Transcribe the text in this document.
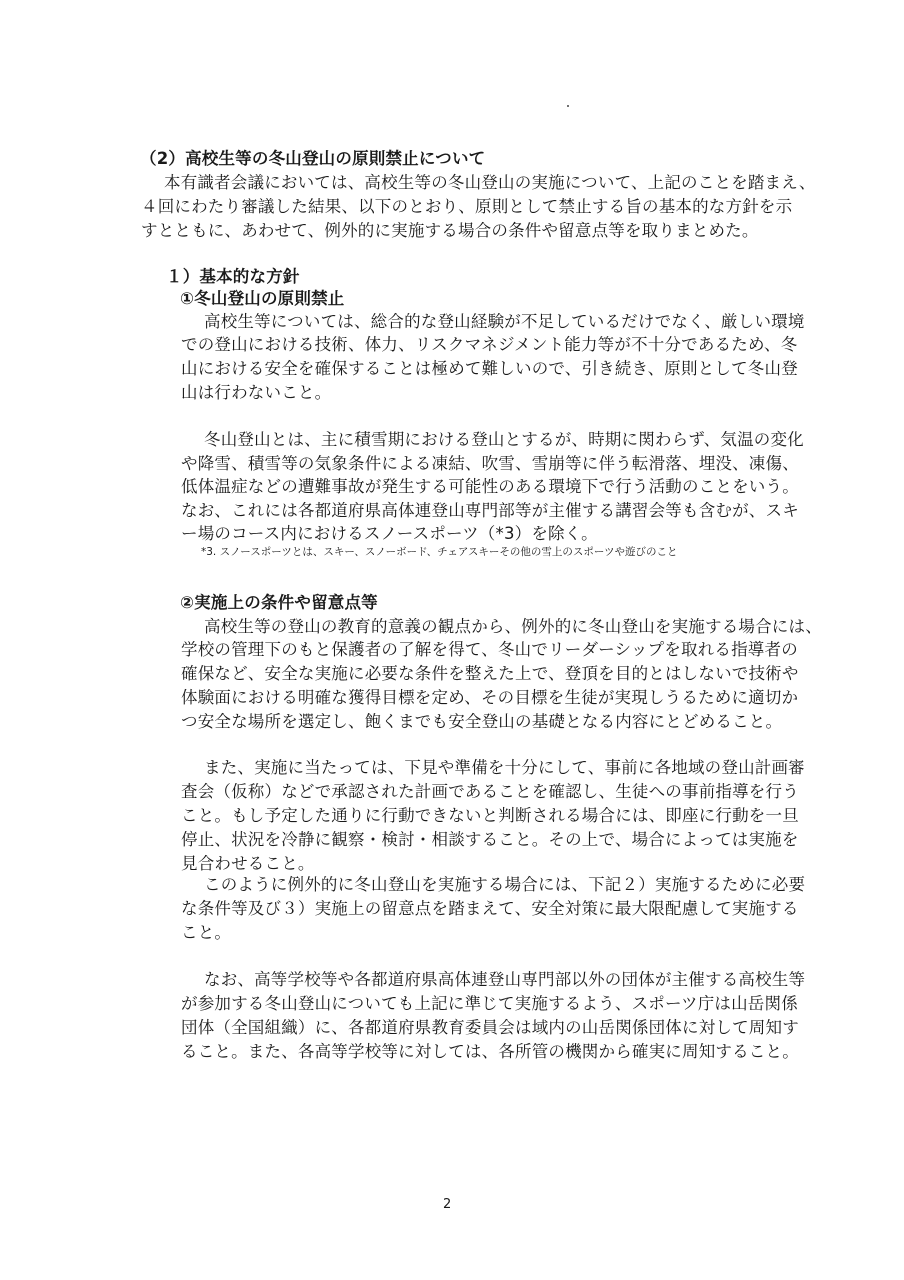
（2）高校生等の冬山登山の原則禁止について
本有識者会議においては、高校生等の冬山登山の実施について、上記のことを踏まえ、
４回にわたり審議した結果、以下のとおり、原則として禁止する旨の基本的な方針を示
すとともに、あわせて、例外的に実施する場合の条件や留意点等を取りまとめた。
１）基本的な方針
①冬山登山の原則禁止
高校生等については、総合的な登山経験が不足しているだけでなく、厳しい環境
での登山における技術、体力、リスクマネジメント能力等が不十分であるため、冬
山における安全を確保することは極めて難しいので、引き続き、原則として冬山登
山は行わないこと。
冬山登山とは、主に積雪期における登山とするが、時期に関わらず、気温の変化
や降雪、積雪等の気象条件による凍結、吹雪、雪崩等に伴う転滑落、埋没、凍傷、
低体温症などの遭難事故が発生する可能性のある環境下で行う活動のことをいう。
なお、これには各都道府県高体連登山専門部等が主催する講習会等も含むが、スキ
ー場のコース内におけるスノースポーツ（*3）を除く。
*3. スノースポーツとは、スキー、スノーボード、チェアスキーその他の雪上のスポーツや遊びのこと
②実施上の条件や留意点等
高校生等の登山の教育的意義の観点から、例外的に冬山登山を実施する場合には、
学校の管理下のもと保護者の了解を得て、冬山でリーダーシップを取れる指導者の
確保など、安全な実施に必要な条件を整えた上で、登頂を目的とはしないで技術や
体験面における明確な獲得目標を定め、その目標を生徒が実現しうるために適切か
つ安全な場所を選定し、飽くまでも安全登山の基礎となる内容にとどめること。
また、実施に当たっては、下見や準備を十分にして、事前に各地域の登山計画審
査会（仮称）などで承認された計画であることを確認し、生徒への事前指導を行う
こと。もし予定した通りに行動できないと判断される場合には、即座に行動を一旦
停止、状況を冷静に観察・検討・相談すること。その上で、場合によっては実施を
見合わせること。
このように例外的に冬山登山を実施する場合には、下記２）実施するために必要
な条件等及び３）実施上の留意点を踏まえて、安全対策に最大限配慮して実施する
こと。
なお、高等学校等や各都道府県高体連登山専門部以外の団体が主催する高校生等
が参加する冬山登山についても上記に準じて実施するよう、スポーツ庁は山岳関係
団体（全国組織）に、各都道府県教育委員会は域内の山岳関係団体に対して周知す
ること。また、各高等学校等に対しては、各所管の機関から確実に周知すること。
2
